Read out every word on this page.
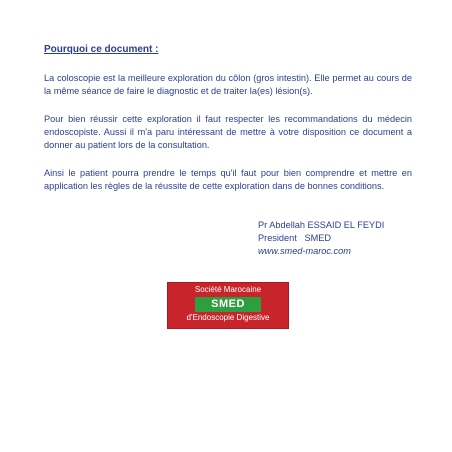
Pourquoi ce document :
La coloscopie est la meilleure exploration du côlon (gros intestin). Elle permet au cours de la même séance de faire le diagnostic et de traiter la(es) lésion(s).
Pour bien réussir cette exploration il faut respecter les recommandations du médecin endoscopiste. Aussi il m'a paru intéressant de mettre à votre disposition ce document a donner au patient lors de la consultation.
Ainsi le patient pourra prendre le temps qu'il faut pour bien comprendre et mettre en application les règles de la réussite de cette exploration dans de bonnes conditions.
Pr Abdellah ESSAID EL FEYDI
President   SMED
www.smed-maroc.com
Société Marocaine
SMED
d'Endoscopie Digestive
